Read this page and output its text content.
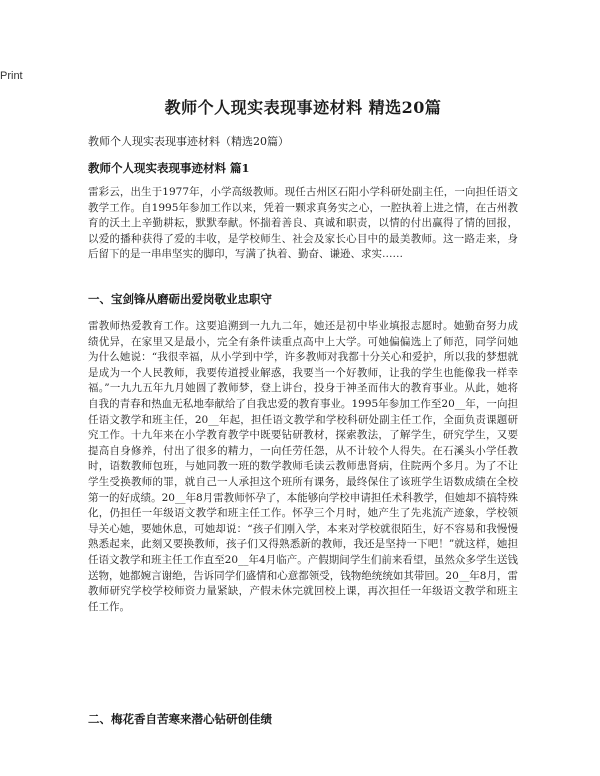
Print
教师个人现实表现事迹材料 精选20篇
教师个人现实表现事迹材料（精选20篇）
教师个人现实表现事迹材料 篇1
雷彩云，出生于1977年，小学高级教师。现任古州区石阳小学科研处副主任，一向担任语文教学工作。自1995年参加工作以来，凭着一颗求真务实之心，一腔执着上进之情，在古州教育的沃土上辛勤耕耘，默默奉献。怀揣着善良、真诚和职责，以情的付出赢得了情的回报，以爱的播种获得了爱的丰收，是学校师生、社会及家长心目中的最美教师。这一路走来，身后留下的是一串串坚实的脚印，写满了执着、勤奋、谦逊、求实……
一、宝剑锋从磨砺出爱岗敬业忠职守
雷教师热爱教育工作。这要追溯到一九九二年，她还是初中毕业填报志愿时。她勤奋努力成绩优异，在家里又是最小，完全有条件读重点高中上大学。可她偏偏选上了师范，同学问她为什么她说：“我很幸福，从小学到中学，许多教师对我都十分关心和爱护，所以我的梦想就是成为一个人民教师，我要传道授业解惑，我要当一个好教师，让我的学生也能像我一样幸福。”一九九五年九月她圆了教师梦，登上讲台，投身于神圣而伟大的教育事业。从此，她将自我的青春和热血无私地奉献给了自我忠爱的教育事业。1995年参加工作至20__年，一向担任语文教学和班主任，20__年起，担任语文教学和学校科研处副主任工作，全面负责课题研究工作。十九年来在小学教育教学中既要钻研教材，探索教法，了解学生，研究学生，又要提高自身修养，付出了很多的精力，一向任劳任怨，从不计较个人得失。在石溪头小学任教时，语数教师包班，与她同教一班的数学教师毛读云教师患肾病，住院两个多月。为了不让学生受换教师的罪，就自己一人承担这个班所有课务，最终保住了该班学生语数成绩在全校第一的好成绩。20__年8月雷教师怀孕了，本能够向学校申请担任术科教学，但她却不搞特殊化，仍担任一年级语文教学和班主任工作。怀孕三个月时，她产生了先兆流产迹象，学校领导关心她，要她休息，可她却说：“孩子们刚入学，本来对学校就很陌生，好不容易和我慢慢熟悉起来，此刻又要换教师，孩子们又得熟悉新的教师，我还是坚持一下吧！”就这样，她担任语文教学和班主任工作直至20__年4月临产。产假期间学生们前来看望，虽然众多学生送钱送物，她都婉言谢绝，告诉同学们盛情和心意都领受，钱物绝统统如其带回。20__年8月，雷教师研究学校学校师资力量紧缺，产假未休完就回校上课，再次担任一年级语文教学和班主任工作。
二、梅花香自苦寒来潜心钻研创佳绩
